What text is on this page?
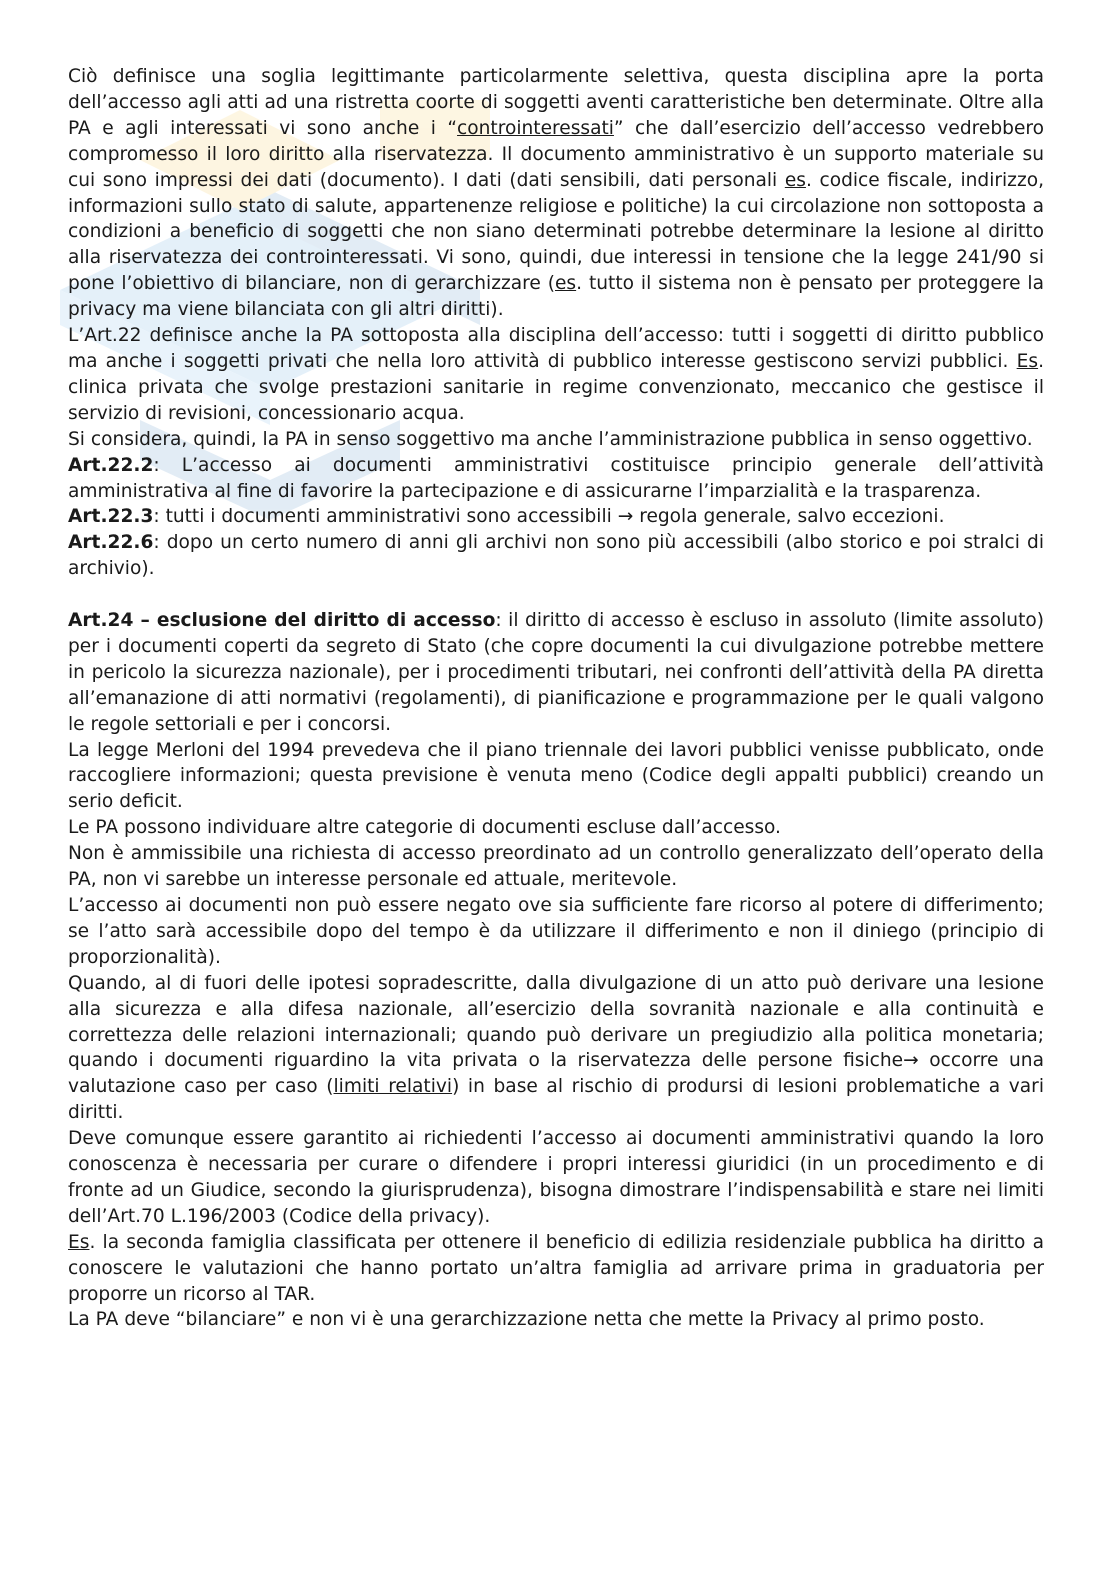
Ciò definisce una soglia legittimante particolarmente selettiva, questa disciplina apre la porta dell’accesso agli atti ad una ristretta coorte di soggetti aventi caratteristiche ben determinate. Oltre alla PA e agli interessati vi sono anche i “controinteressati” che dall’esercizio dell’accesso vedrebbero compromesso il loro diritto alla riservatezza. Il documento amministrativo è un supporto materiale su cui sono impressi dei dati (documento). I dati (dati sensibili, dati personali es. codice fiscale, indirizzo, informazioni sullo stato di salute, appartenenze religiose e politiche) la cui circolazione non sottoposta a condizioni a beneficio di soggetti che non siano determinati potrebbe determinare la lesione al diritto alla riservatezza dei controinteressati. Vi sono, quindi, due interessi in tensione che la legge 241/90 si pone l’obiettivo di bilanciare, non di gerarchizzare (es. tutto il sistema non è pensato per proteggere la privacy ma viene bilanciata con gli altri diritti).

L’Art.22 definisce anche la PA sottoposta alla disciplina dell’accesso: tutti i soggetti di diritto pubblico ma anche i soggetti privati che nella loro attività di pubblico interesse gestiscono servizi pubblici. Es. clinica privata che svolge prestazioni sanitarie in regime convenzionato, meccanico che gestisce il servizio di revisioni, concessionario acqua.

Si considera, quindi, la PA in senso soggettivo ma anche l’amministrazione pubblica in senso oggettivo.

Art.22.2: L’accesso ai documenti amministrativi costituisce principio generale dell’attività amministrativa al fine di favorire la partecipazione e di assicurarne l’imparzialità e la trasparenza.

Art.22.3: tutti i documenti amministrativi sono accessibili → regola generale, salvo eccezioni.

Art.22.6: dopo un certo numero di anni gli archivi non sono più accessibili (albo storico e poi stralci di archivio).

Art.24 – esclusione del diritto di accesso: il diritto di accesso è escluso in assoluto (limite assoluto) per i documenti coperti da segreto di Stato (che copre documenti la cui divulgazione potrebbe mettere in pericolo la sicurezza nazionale), per i procedimenti tributari, nei confronti dell’attività della PA diretta all’emanazione di atti normativi (regolamenti), di pianificazione e programmazione per le quali valgono le regole settoriali e per i concorsi.

La legge Merloni del 1994 prevedeva che il piano triennale dei lavori pubblici venisse pubblicato, onde raccogliere informazioni; questa previsione è venuta meno (Codice degli appalti pubblici) creando un serio deficit.

Le PA possono individuare altre categorie di documenti escluse dall’accesso.

Non è ammissibile una richiesta di accesso preordinato ad un controllo generalizzato dell’operato della PA, non vi sarebbe un interesse personale ed attuale, meritevole.

L’accesso ai documenti non può essere negato ove sia sufficiente fare ricorso al potere di differimento; se l’atto sarà accessibile dopo del tempo è da utilizzare il differimento e non il diniego (principio di proporzionalità).

Quando, al di fuori delle ipotesi sopradescritte, dalla divulgazione di un atto può derivare una lesione alla sicurezza e alla difesa nazionale, all’esercizio della sovranità nazionale e alla continuità e correttezza delle relazioni internazionali; quando può derivare un pregiudizio alla politica monetaria; quando i documenti riguardino la vita privata o la riservatezza delle persone fisiche→ occorre una valutazione caso per caso (limiti relativi) in base al rischio di prodursi di lesioni problematiche a vari diritti.

Deve comunque essere garantito ai richiedenti l’accesso ai documenti amministrativi quando la loro conoscenza è necessaria per curare o difendere i propri interessi giuridici (in un procedimento e di fronte ad un Giudice, secondo la giurisprudenza), bisogna dimostrare l’indispensabilità e stare nei limiti dell’Art.70 L.196/2003 (Codice della privacy).

Es. la seconda famiglia classificata per ottenere il beneficio di edilizia residenziale pubblica ha diritto a conoscere le valutazioni che hanno portato un’altra famiglia ad arrivare prima in graduatoria per proporre un ricorso al TAR.

La PA deve “bilanciare” e non vi è una gerarchizzazione netta che mette la Privacy al primo posto.
